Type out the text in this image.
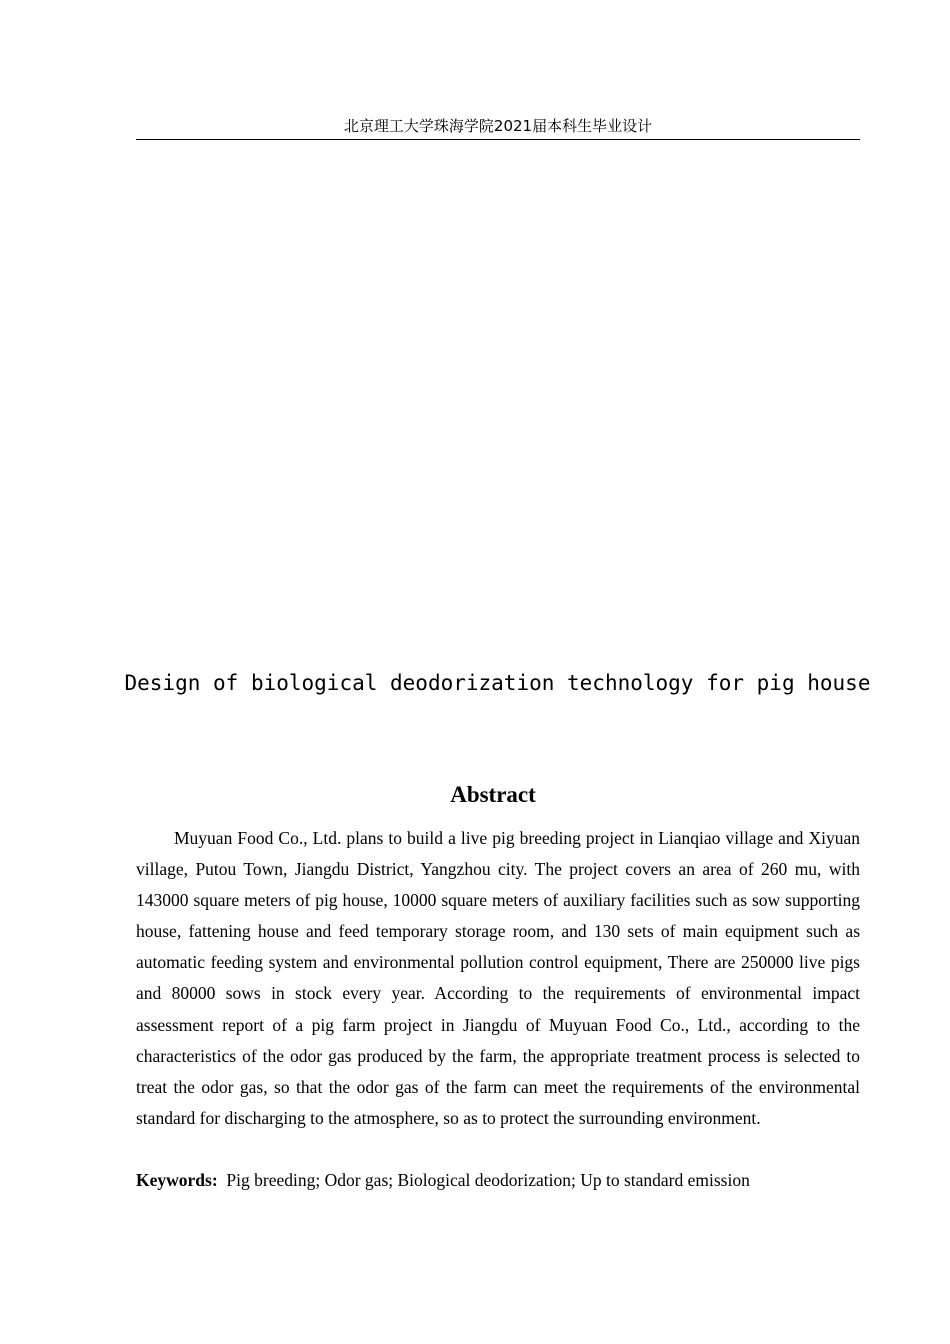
北京理工大学珠海学院2021届本科生毕业设计
Design of biological deodorization technology for pig house
Abstract

Muyuan Food Co., Ltd. plans to build a live pig breeding project in Lianqiao village and Xiyuan village, Putou Town, Jiangdu District, Yangzhou city. The project covers an area of 260 mu, with 143000 square meters of pig house, 10000 square meters of auxiliary facilities such as sow supporting house, fattening house and feed temporary storage room, and 130 sets of main equipment such as automatic feeding system and environmental pollution control equipment, There are 250000 live pigs and 80000 sows in stock every year. According to the requirements of environmental impact assessment report of a pig farm project in Jiangdu of Muyuan Food Co., Ltd., according to the characteristics of the odor gas produced by the farm, the appropriate treatment process is selected to treat the odor gas, so that the odor gas of the farm can meet the requirements of the environmental standard for discharging to the atmosphere, so as to protect the surrounding environment.

Keywords: Pig breeding; Odor gas; Biological deodorization; Up to standard emission
